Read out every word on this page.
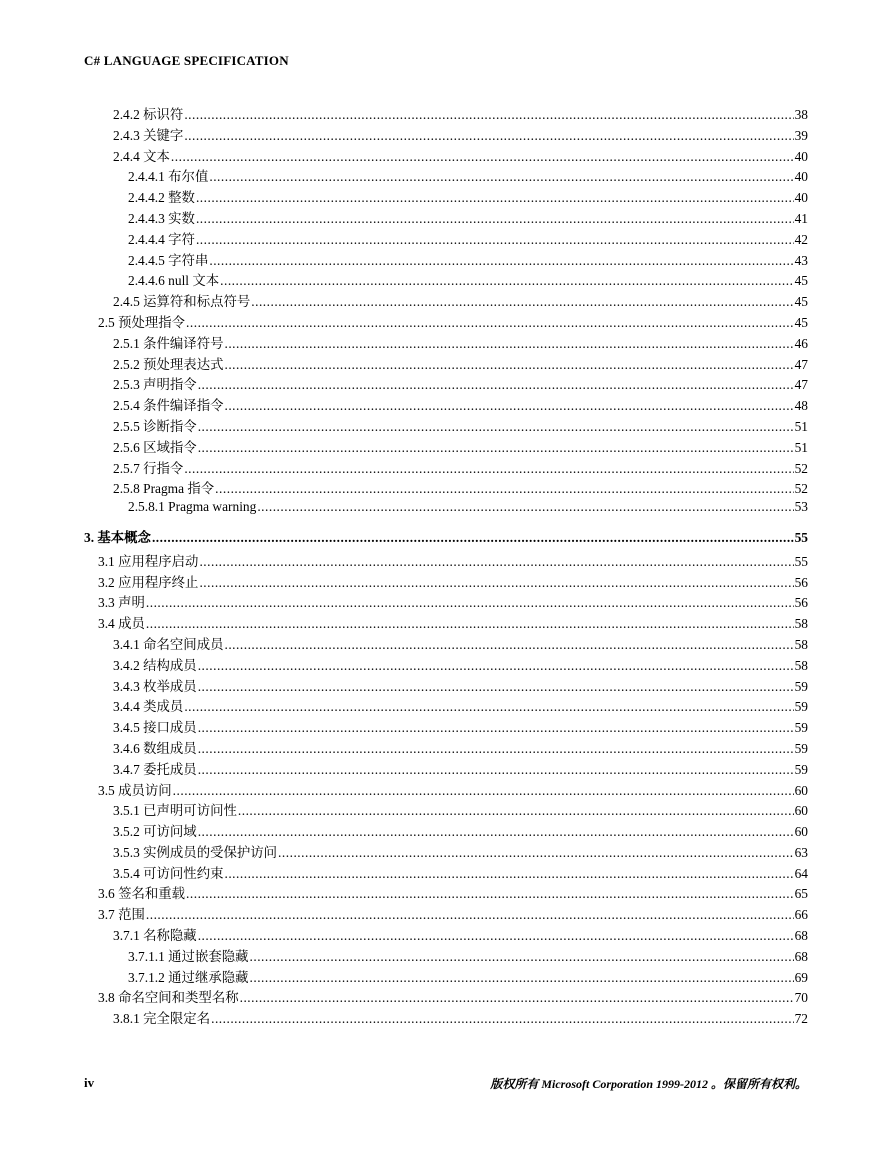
C# LANGUAGE SPECIFICATION
2.4.2 标识符 .....	38
2.4.3 关键字 .....	39
2.4.4 文本 .....	40
2.4.4.1 布尔值 .....	40
2.4.4.2 整数 .....	40
2.4.4.3 实数 .....	41
2.4.4.4 字符 .....	42
2.4.4.5 字符串 .....	43
2.4.4.6 null 文本 .....	45
2.4.5 运算符和标点符号 .....	45
2.5 预处理指令 .....	45
2.5.1 条件编译符号 .....	46
2.5.2 预处理表达式 .....	47
2.5.3 声明指令 .....	47
2.5.4 条件编译指令 .....	48
2.5.5 诊断指令 .....	51
2.5.6 区域指令 .....	51
2.5.7 行指令 .....	52
2.5.8 Pragma 指令 .....	52
2.5.8.1 Pragma warning .....	53
3. 基本概念 .....	55
3.1 应用程序启动 .....	55
3.2 应用程序终止 .....	56
3.3 声明 .....	56
3.4 成员 .....	58
3.4.1 命名空间成员 .....	58
3.4.2 结构成员 .....	58
3.4.3 枚举成员 .....	59
3.4.4 类成员 .....	59
3.4.5 接口成员 .....	59
3.4.6 数组成员 .....	59
3.4.7 委托成员 .....	59
3.5 成员访问 .....	60
3.5.1 已声明可访问性 .....	60
3.5.2 可访问域 .....	60
3.5.3 实例成员的受保护访问 .....	63
3.5.4 可访问性约束 .....	64
3.6 签名和重载 .....	65
3.7 范围 .....	66
3.7.1 名称隐藏 .....	68
3.7.1.1 通过嵌套隐藏 .....	68
3.7.1.2 通过继承隐藏 .....	69
3.8 命名空间和类型名称 .....	70
3.8.1 完全限定名 .....	72
iv	版权所有 Microsoft Corporation 1999-2012 。保留所有权利。
